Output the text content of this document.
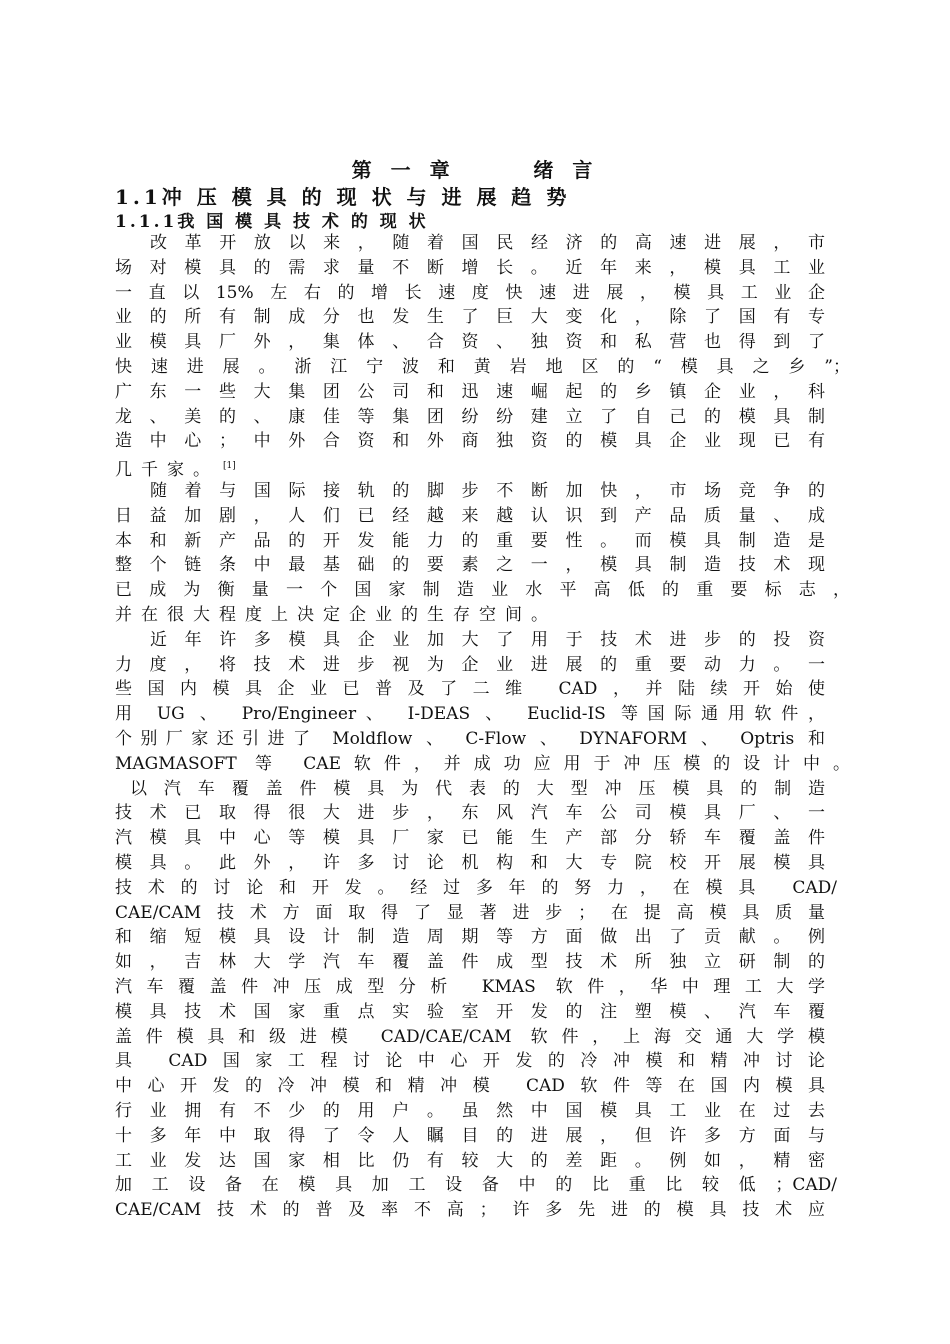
第 一 章      绪 言
1.1冲 压 模 具 的 现 状 与 进 展 趋 势
1.1.1我 国 模 具 技 术 的 现 状
改革开放以来，随着国民经济的高速进展，市
场对模具的需求量不断增长。近年来，模具工业
一直以15%左右的增长速度快速进展，模具工业企
业的所有制成分也发生了巨大变化，除了国有专
业模具厂外，集体、合资、独资和私营也得到了
快速进展。浙江宁波和黄岩地区的“模具之乡”；
广东一些大集团公司和迅速崛起的乡镇企业，科
龙、美的、康佳等集团纷纷建立了自己的模具制
造中心；中外合资和外商独资的模具企业现已有
几千家。 [1]
随着与国际接轨的脚步不断加快，市场竞争的
日益加剧，人们已经越来越认识到产品质量、成
本和新产品的开发能力的重要性。而模具制造是
整个链条中最基础的要素之一，模具制造技术现
已成为衡量一个国家制造业水平高低的重要标志，
并在很大程度上决定企业的生存空间。
近年许多模具企业加大了用于技术进步的投资
力度，将技术进步视为企业进展的重要动力。一
些国内模具企业已普及了二维 CAD，并陆续开始使
用 UG 、 Pro/Engineer、 I-DEAS 、 Euclid-IS 等国际通用软件，
个别厂家还引进了 Moldflow 、 C-Flow 、 DYNAFORM 、 Optris 和
MAGMASOFT 等 CAE软件，并成功应用于冲压模的设计中。
以汽车覆盖件模具为代表的大型冲压模具的制造
技术已取得很大进步，东风汽车公司模具厂、一
汽模具中心等模具厂家已能生产部分轿车覆盖件
模具。此外，许多讨论机构和大专院校开展模具
技术的讨论和开发。经过多年的努力，在模具 CAD/
CAE/CAM技术方面取得了显著进步；在提高模具质量
和缩短模具设计制造周期等方面做出了贡献。例
如，吉林大学汽车覆盖件成型技术所独立研制的
汽车覆盖件冲压成型分析 KMAS 软件，华中理工大学
模具技术国家重点实验室开发的注塑模、汽车覆
盖件模具和级进模 CAD/CAE/CAM 软件，上海交通大学模
具 CAD国家工程讨论中心开发的冷冲模和精冲讨论
中心开发的冷冲模和精冲模 CAD软件等在国内模具
行业拥有不少的用户。虽然中国模具工业在过去
十多年中取得了令人瞩目的进展，但许多方面与
工业发达国家相比仍有较大的差距。例如，精密
加工设备在模具加工设备中的比重比较低；CAD/
CAE/CAM技术的普及率不高；许多先进的模具技术应
